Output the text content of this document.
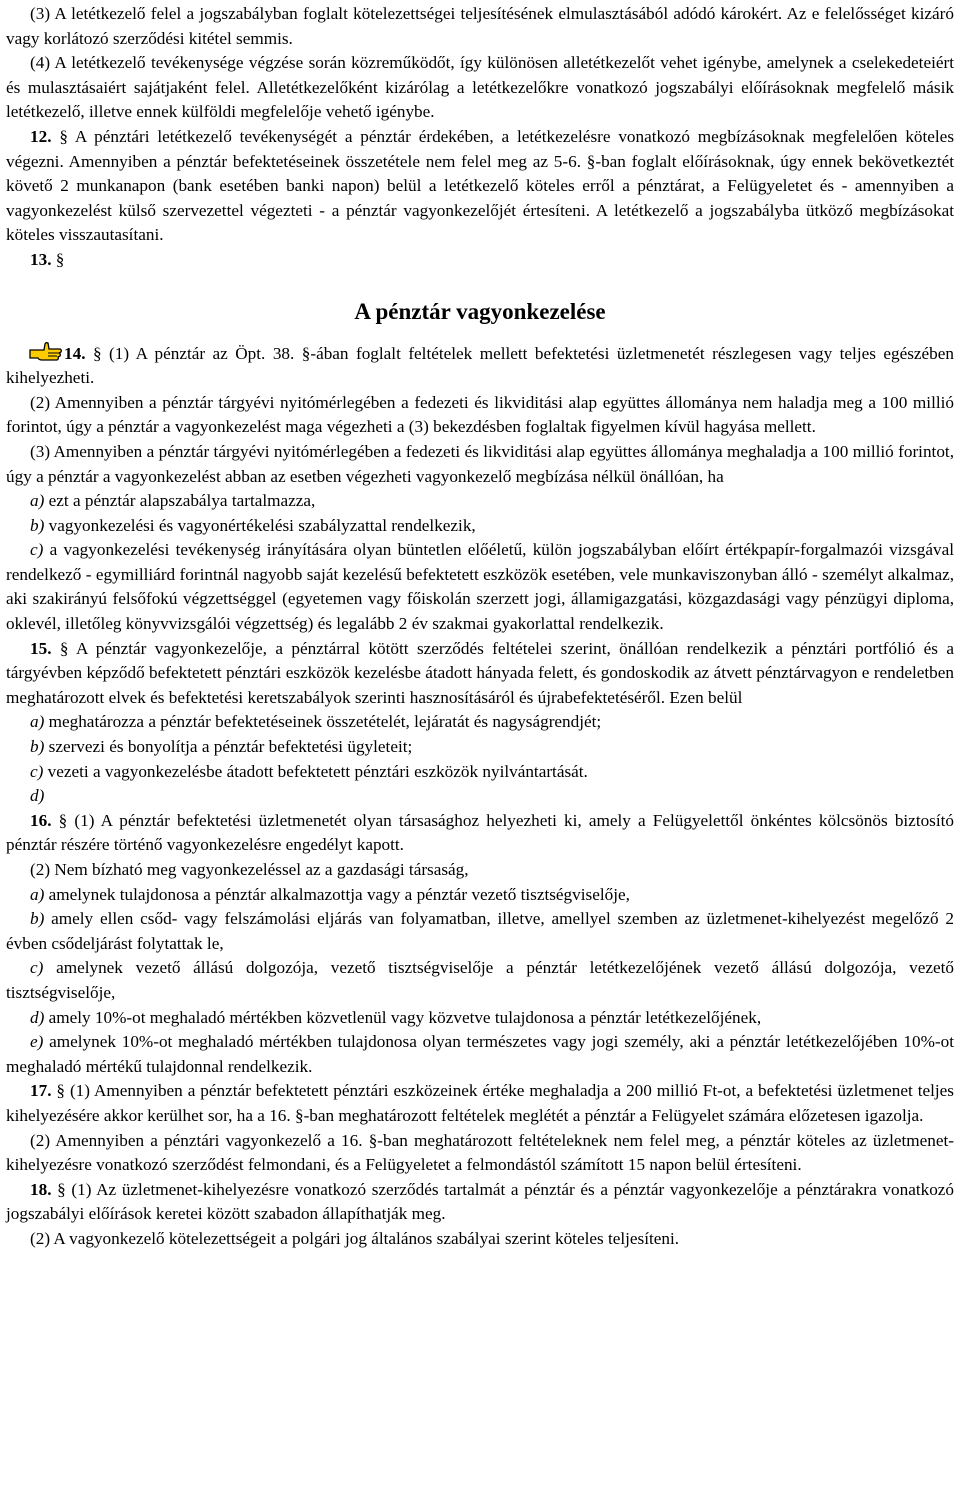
(3) A letétkezelő felel a jogszabályban foglalt kötelezettségei teljesítésének elmulasztásából adódó károkért. Az e felelősséget kizáró vagy korlátozó szerződési kitétel semmis.

(4) A letétkezelő tevékenysége végzése során közreműködőt, így különösen alletétkezelőt vehet igénybe, amelynek a cselekedeteiért és mulasztásaiért sajátjaként felel. Alletétkezelőként kizárólag a letétkezelőkre vonatkozó jogszabályi előírásoknak megfelelő másik letétkezelő, illetve ennek külföldi megfelelője vehető igénybe.

12. § A pénztári letétkezelő tevékenységét a pénztár érdekében, a letétkezelésre vonatkozó megbízásoknak megfelelően köteles végezni. Amennyiben a pénztár befektetéseinek összetétele nem felel meg az 5-6. §-ban foglalt előírásoknak, úgy ennek bekövetkeztét követő 2 munkanapon (bank esetében banki napon) belül a letétkezelő köteles erről a pénztárat, a Felügyeletet és - amennyiben a vagyonkezelést külső szervezettel végezteti - a pénztár vagyonkezelőjét értesíteni. A letétkezelő a jogszabályba ütköző megbízásokat köteles visszautasítani.

13. §

A pénztár vagyonkezelése

14. § (1) A pénztár az Öpt. 38. §-ában foglalt feltételek mellett befektetési üzletmenetét részlegesen vagy teljes egészében kihelyezheti.

(2) Amennyiben a pénztár tárgyévi nyitómérlegében a fedezeti és likviditási alap együttes állománya nem haladja meg a 100 millió forintot, úgy a pénztár a vagyonkezelést maga végezheti a (3) bekezdésben foglaltak figyelmen kívül hagyása mellett.

(3) Amennyiben a pénztár tárgyévi nyitómérlegében a fedezeti és likviditási alap együttes állománya meghaladja a 100 millió forintot, úgy a pénztár a vagyonkezelést abban az esetben végezheti vagyonkezelő megbízása nélkül önállóan, ha

a) ezt a pénztár alapszabálya tartalmazza,

b) vagyonkezelési és vagyonértékelési szabályzattal rendelkezik,

c) a vagyonkezelési tevékenység irányítására olyan büntetlen előéletű, külön jogszabályban előírt értékpapír-forgalmazói vizsgával rendelkező - egymilliárd forintnál nagyobb saját kezelésű befektetett eszközök esetében, vele munkaviszonyban álló - személyt alkalmaz, aki szakirányú felsőfokú végzettséggel (egyetemen vagy főiskolán szerzett jogi, államigazgatási, közgazdasági vagy pénzügyi diploma, oklevél, illetőleg könyvvizsgálói végzettség) és legalább 2 év szakmai gyakorlattal rendelkezik.

15. § A pénztár vagyonkezelője, a pénztárral kötött szerződés feltételei szerint, önállóan rendelkezik a pénztári portfólió és a tárgyévben képződő befektetett pénztári eszközök kezelésbe átadott hányada felett, és gondoskodik az átvett pénztárvagyon e rendeletben meghatározott elvek és befektetési keretszabályok szerinti hasznosításáról és újrabefektetéséről. Ezen belül

a) meghatározza a pénztár befektetéseinek összetételét, lejáratát és nagyságrendjét;

b) szervezi és bonyolítja a pénztár befektetési ügyleteit;

c) vezeti a vagyonkezelésbe átadott befektetett pénztári eszközök nyilvántartását.

d)

16. § (1) A pénztár befektetési üzletmenetét olyan társasághoz helyezheti ki, amely a Felügyelettől önkéntes kölcsönös biztosító pénztár részére történő vagyonkezelésre engedélyt kapott.

(2) Nem bízható meg vagyonkezeléssel az a gazdasági társaság,

a) amelynek tulajdonosa a pénztár alkalmazottja vagy a pénztár vezető tisztségviselője,

b) amely ellen csőd- vagy felszámolási eljárás van folyamatban, illetve, amellyel szemben az üzletmenet-kihelyezést megelőző 2 évben csődeljárást folytattak le,

c) amelynek vezető állású dolgozója, vezető tisztségviselője a pénztár letétkezelőjének vezető állású dolgozója, vezető tisztségviselője,

d) amely 10%-ot meghaladó mértékben közvetlenül vagy közvetve tulajdonosa a pénztár letétkezelőjének,

e) amelynek 10%-ot meghaladó mértékben tulajdonosa olyan természetes vagy jogi személy, aki a pénztár letétkezelőjében 10%-ot meghaladó mértékű tulajdonnal rendelkezik.

17. § (1) Amennyiben a pénztár befektetett pénztári eszközeinek értéke meghaladja a 200 millió Ft-ot, a befektetési üzletmenet teljes kihelyezésére akkor kerülhet sor, ha a 16. §-ban meghatározott feltételek meglétét a pénztár a Felügyelet számára előzetesen igazolja.

(2) Amennyiben a pénztári vagyonkezelő a 16. §-ban meghatározott feltételeknek nem felel meg, a pénztár köteles az üzletmenet-kihelyezésre vonatkozó szerződést felmondani, és a Felügyeletet a felmondástól számított 15 napon belül értesíteni.

18. § (1) Az üzletmenet-kihelyezésre vonatkozó szerződés tartalmát a pénztár és a pénztár vagyonkezelője a pénztárakra vonatkozó jogszabályi előírások keretei között szabadon állapíthatják meg.

(2) A vagyonkezelő kötelezettségeit a polgári jog általános szabályai szerint köteles teljesíteni.
